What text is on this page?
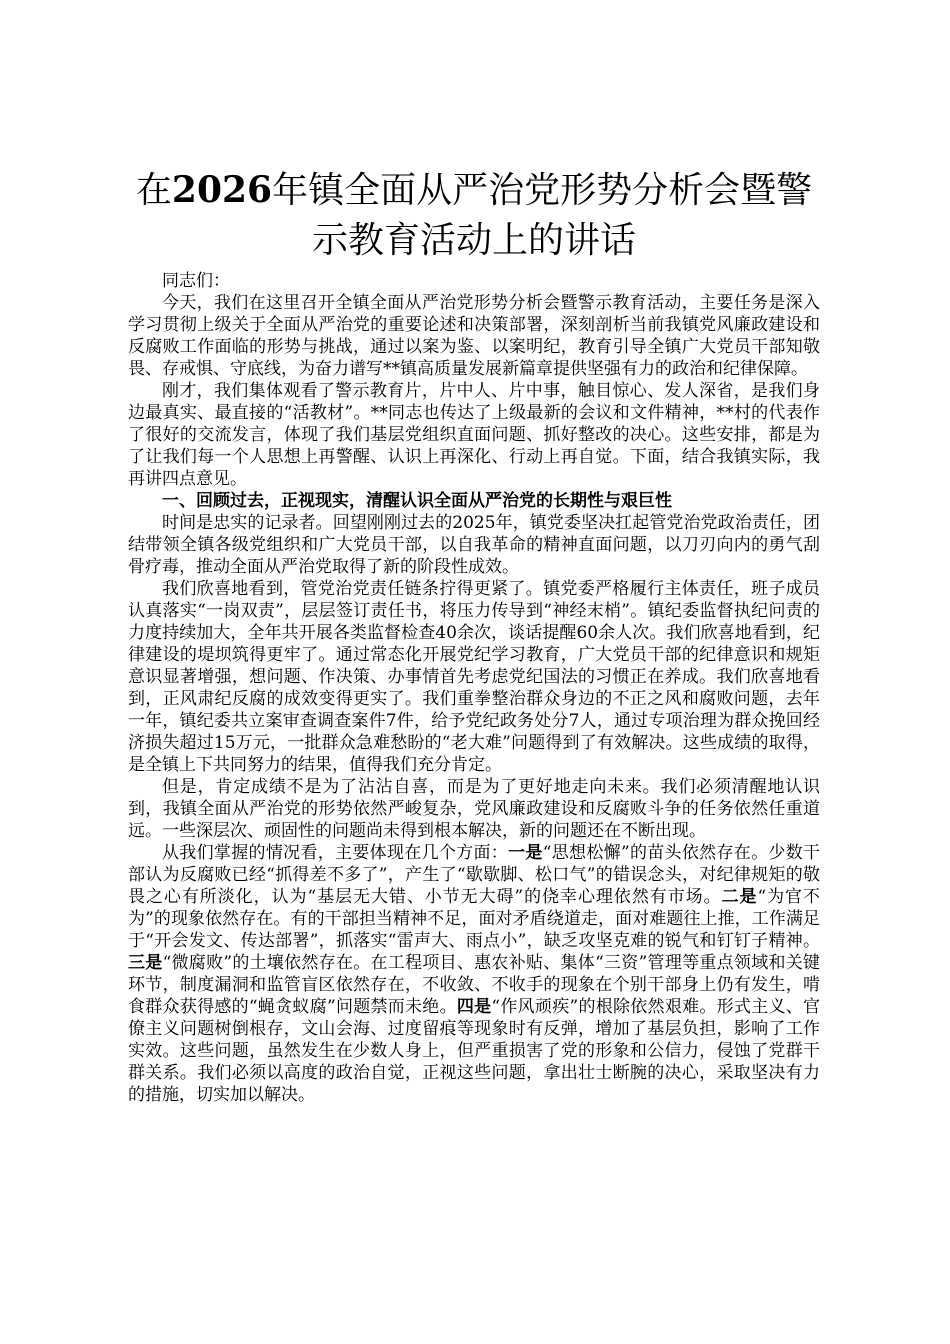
在2026年镇全面从严治党形势分析会暨警示教育活动上的讲话

同志们：

今天，我们在这里召开全镇全面从严治党形势分析会暨警示教育活动，主要任务是深入学习贯彻上级关于全面从严治党的重要论述和决策部署，深刻剖析当前我镇党风廉政建设和反腐败工作面临的形势与挑战，通过以案为鉴、以案明纪，教育引导全镇广大党员干部知敬畏、存戒惧、守底线，为奋力谱写**镇高质量发展新篇章提供坚强有力的政治和纪律保障。

刚才，我们集体观看了警示教育片，片中人、片中事，触目惊心、发人深省，是我们身边最真实、最直接的“活教材”。**同志也传达了上级最新的会议和文件精神，**村的代表作了很好的交流发言，体现了我们基层党组织直面问题、抓好整改的决心。这些安排，都是为了让我们每一个人思想上再警醒、认识上再深化、行动上再自觉。下面，结合我镇实际，我再讲四点意见。

一、回顾过去，正视现实，清醒认识全面从严治党的长期性与艰巨性

时间是忠实的记录者。回望刚刚过去的2025年，镇党委坚决扛起管党治党政治责任，团结带领全镇各级党组织和广大党员干部，以自我革命的精神直面问题，以刀刃向内的勇气刮骨疗毒，推动全面从严治党取得了新的阶段性成效。

我们欣喜地看到，管党治党责任链条拧得更紧了。镇党委严格履行主体责任，班子成员认真落实“一岗双责”，层层签订责任书，将压力传导到“神经末梢”。镇纪委监督执纪问责的力度持续加大，全年共开展各类监督检查40余次，谈话提醒60余人次。我们欣喜地看到，纪律建设的堤坝筑得更牢了。通过常态化开展党纪学习教育，广大党员干部的纪律意识和规矩意识显著增强，想问题、作决策、办事情首先考虑党纪国法的习惯正在养成。我们欣喜地看到，正风肃纪反腐的成效变得更实了。我们重拳整治群众身边的不正之风和腐败问题，去年一年，镇纪委共立案审查调查案件7件，给予党纪政务处分7人，通过专项治理为群众挽回经济损失超过15万元，一批群众急难愁盼的“老大难”问题得到了有效解决。这些成绩的取得，是全镇上下共同努力的结果，值得我们充分肯定。

但是，肯定成绩不是为了沾沾自喜，而是为了更好地走向未来。我们必须清醒地认识到，我镇全面从严治党的形势依然严峻复杂，党风廉政建设和反腐败斗争的任务依然任重道远。一些深层次、顽固性的问题尚未得到根本解决，新的问题还在不断出现。

从我们掌握的情况看，主要体现在几个方面：一是“思想松懈”的苗头依然存在。少数干部认为反腐败已经“抓得差不多了”，产生了“歇歇脚、松口气”的错误念头，对纪律规矩的敬畏之心有所淡化，认为“基层无大错、小节无大碍”的侥幸心理依然有市场。二是“为官不为”的现象依然存在。有的干部担当精神不足，面对矛盾绕道走，面对难题往上推，工作满足于“开会发文、传达部署”，抓落实“雷声大、雨点小”，缺乏攻坚克难的锐气和钉钉子精神。三是“微腐败”的土壤依然存在。在工程项目、惠农补贴、集体“三资”管理等重点领域和关键环节，制度漏洞和监管盲区依然存在，不收敛、不收手的现象在个别干部身上仍有发生，啃食群众获得感的“蝇贪蚁腐”问题禁而未绝。四是“作风顽疾”的根除依然艰难。形式主义、官僚主义问题树倒根存，文山会海、过度留痕等现象时有反弹，增加了基层负担，影响了工作实效。这些问题，虽然发生在少数人身上，但严重损害了党的形象和公信力，侵蚀了党群干群关系。我们必须以高度的政治自觉，正视这些问题，拿出壮士断腕的决心，采取坚决有力的措施，切实加以解决。
